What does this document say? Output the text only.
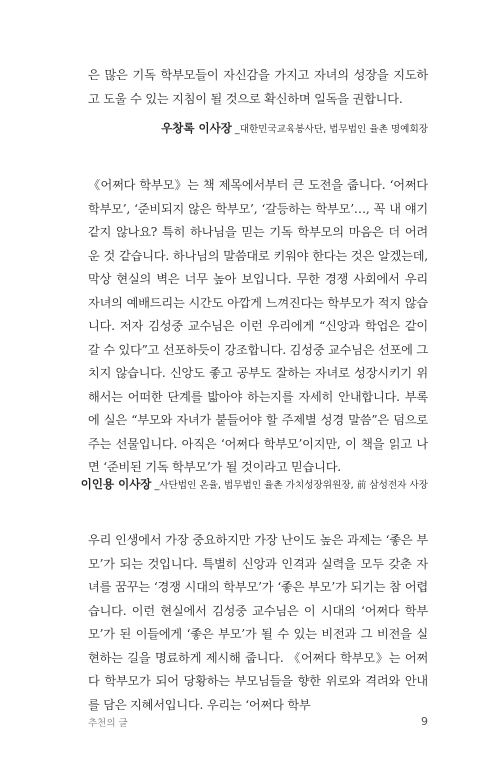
은 많은 기독 학부모들이 자신감을 가지고 자녀의 성장을 지도하고 도울 수 있는 지침이 될 것으로 확신하며 일독을 권합니다.

우창록 이사장 _대한민국교육봉사단, 법무법인 율촌 명예회장

《어쩌다 학부모》는 책 제목에서부터 큰 도전을 줍니다. ‘어쩌다 학부모’, ‘준비되지 않은 학부모’, ‘갈등하는 학부모’…, 꼭 내 얘기 같지 않나요? 특히 하나님을 믿는 기독 학부모의 마음은 더 어려운 것 같습니다. 하나님의 말씀대로 키워야 한다는 것은 알겠는데, 막상 현실의 벽은 너무 높아 보입니다. 무한 경쟁 사회에서 우리 자녀의 예배드리는 시간도 아깝게 느껴진다는 학부모가 적지 않습니다. 저자 김성중 교수님은 이런 우리에게 “신앙과 학업은 같이 갈 수 있다”고 선포하듯이 강조합니다. 김성중 교수님은 선포에 그치지 않습니다. 신앙도 좋고 공부도 잘하는 자녀로 성장시키기 위해서는 어떠한 단계를 밟아야 하는지를 자세히 안내합니다. 부록에 실은 “부모와 자녀가 붙들어야 할 주제별 성경 말씀”은 덤으로 주는 선물입니다. 아직은 ‘어쩌다 학부모’이지만, 이 책을 읽고 나면 ‘준비된 기독 학부모’가 될 것이라고 믿습니다.

이인용 이사장 _사단법인 온율, 법무법인 율촌 가치성장위원장, 前 삼성전자 사장

우리 인생에서 가장 중요하지만 가장 난이도 높은 과제는 ‘좋은 부모’가 되는 것입니다. 특별히 신앙과 인격과 실력을 모두 갖춘 자녀를 꿈꾸는 ‘경쟁 시대의 학부모’가 ‘좋은 부모’가 되기는 참 어렵습니다. 이런 현실에서 김성중 교수님은 이 시대의 ‘어쩌다 학부모’가 된 이들에게 ‘좋은 부모’가 될 수 있는 비전과 그 비전을 실현하는 길을 명료하게 제시해 줍니다. 《어쩌다 학부모》는 어쩌다 학부모가 되어 당황하는 부모님들을 향한 위로와 격려와 안내를 담은 지혜서입니다. 우리는 ‘어쩌다 학부

추천의 글	9
